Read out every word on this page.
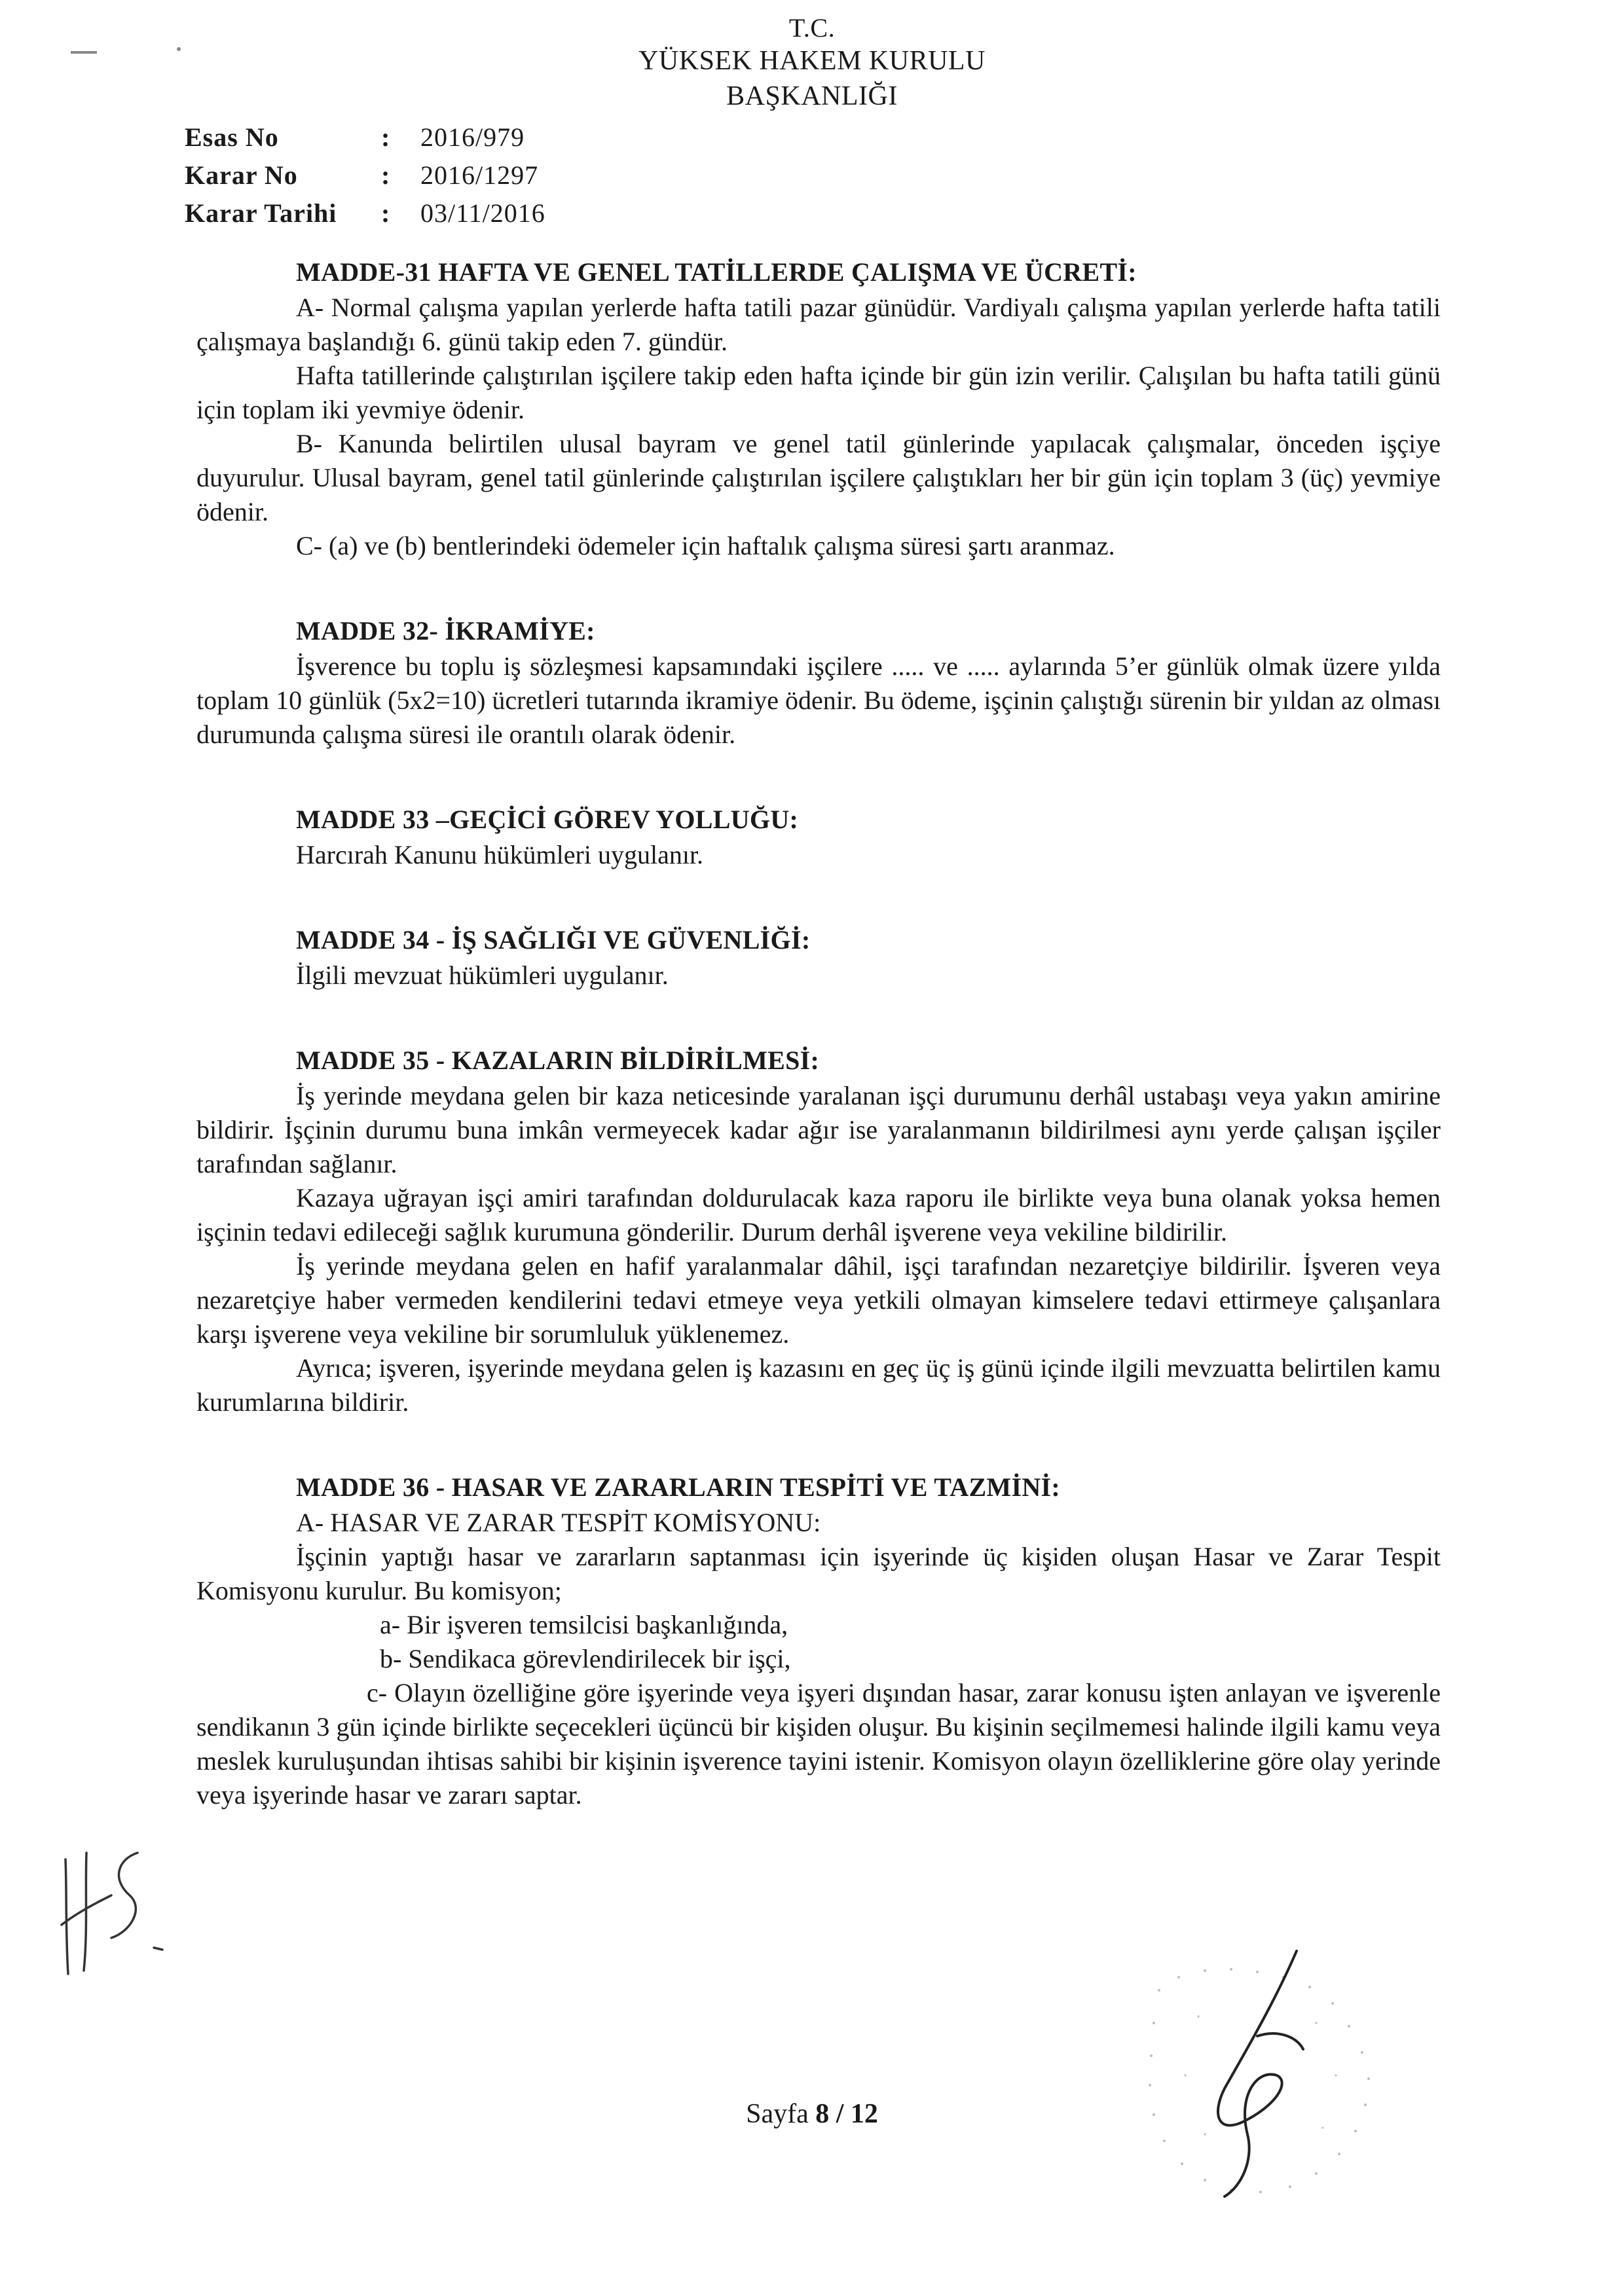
T.C.
YÜKSEK HAKEM KURULU
BAŞKANLIĞI
Esas No	:	2016/979
Karar No	:	2016/1297
Karar Tarihi	:	03/11/2016
MADDE-31 HAFTA VE GENEL TATİLLERDE ÇALIŞMA VE ÜCRETİ:

A- Normal çalışma yapılan yerlerde hafta tatili pazar günüdür. Vardiyalı çalışma yapılan yerlerde hafta tatili çalışmaya başlandığı 6. günü takip eden 7. gündür.

Hafta tatillerinde çalıştırılan işçilere takip eden hafta içinde bir gün izin verilir. Çalışılan bu hafta tatili günü için toplam iki yevmiye ödenir.

B- Kanunda belirtilen ulusal bayram ve genel tatil günlerinde yapılacak çalışmalar, önceden işçiye duyurulur. Ulusal bayram, genel tatil günlerinde çalıştırılan işçilere çalıştıkları her bir gün için toplam 3 (üç) yevmiye ödenir.

C- (a) ve (b) bentlerindeki ödemeler için haftalık çalışma süresi şartı aranmaz.

MADDE 32- İKRAMİYE:

İşverence bu toplu iş sözleşmesi kapsamındaki işçilere ..... ve ..... aylarında 5’er günlük olmak üzere yılda toplam 10 günlük (5x2=10) ücretleri tutarında ikramiye ödenir. Bu ödeme, işçinin çalıştığı sürenin bir yıldan az olması durumunda çalışma süresi ile orantılı olarak ödenir.

MADDE 33 –GEÇİCİ GÖREV YOLLUĞU:

Harcırah Kanunu hükümleri uygulanır.

MADDE 34 - İŞ SAĞLIĞI VE GÜVENLİĞİ:

İlgili mevzuat hükümleri uygulanır.

MADDE 35 - KAZALARIN BİLDİRİLMESİ:

İş yerinde meydana gelen bir kaza neticesinde yaralanan işçi durumunu derhâl ustabaşı veya yakın amirine bildirir. İşçinin durumu buna imkân vermeyecek kadar ağır ise yaralanmanın bildirilmesi aynı yerde çalışan işçiler tarafından sağlanır.

Kazaya uğrayan işçi amiri tarafından doldurulacak kaza raporu ile birlikte veya buna olanak yoksa hemen işçinin tedavi edileceği sağlık kurumuna gönderilir. Durum derhâl işverene veya vekiline bildirilir.

İş yerinde meydana gelen en hafif yaralanmalar dâhil, işçi tarafından nezaretçiye bildirilir. İşveren veya nezaretçiye haber vermeden kendilerini tedavi etmeye veya yetkili olmayan kimselere tedavi ettirmeye çalışanlara karşı işverene veya vekiline bir sorumluluk yüklenemez.

Ayrıca; işveren, işyerinde meydana gelen iş kazasını en geç üç iş günü içinde ilgili mevzuatta belirtilen kamu kurumlarına bildirir.

MADDE 36 - HASAR VE ZARARLARIN TESPİTİ VE TAZMİNİ:

A- HASAR VE ZARAR TESPİT KOMİSYONU:

İşçinin yaptığı hasar ve zararların saptanması için işyerinde üç kişiden oluşan Hasar ve Zarar Tespit Komisyonu kurulur. Bu komisyon;

a- Bir işveren temsilcisi başkanlığında,

b- Sendikaca görevlendirilecek bir işçi,

c- Olayın özelliğine göre işyerinde veya işyeri dışından hasar, zarar konusu işten anlayan ve işverenle sendikanın 3 gün içinde birlikte seçecekleri üçüncü bir kişiden oluşur. Bu kişinin seçilmemesi halinde ilgili kamu veya meslek kuruluşundan ihtisas sahibi bir kişinin işverence tayini istenir. Komisyon olayın özelliklerine göre olay yerinde veya işyerinde hasar ve zararı saptar.

Sayfa 8 / 12
